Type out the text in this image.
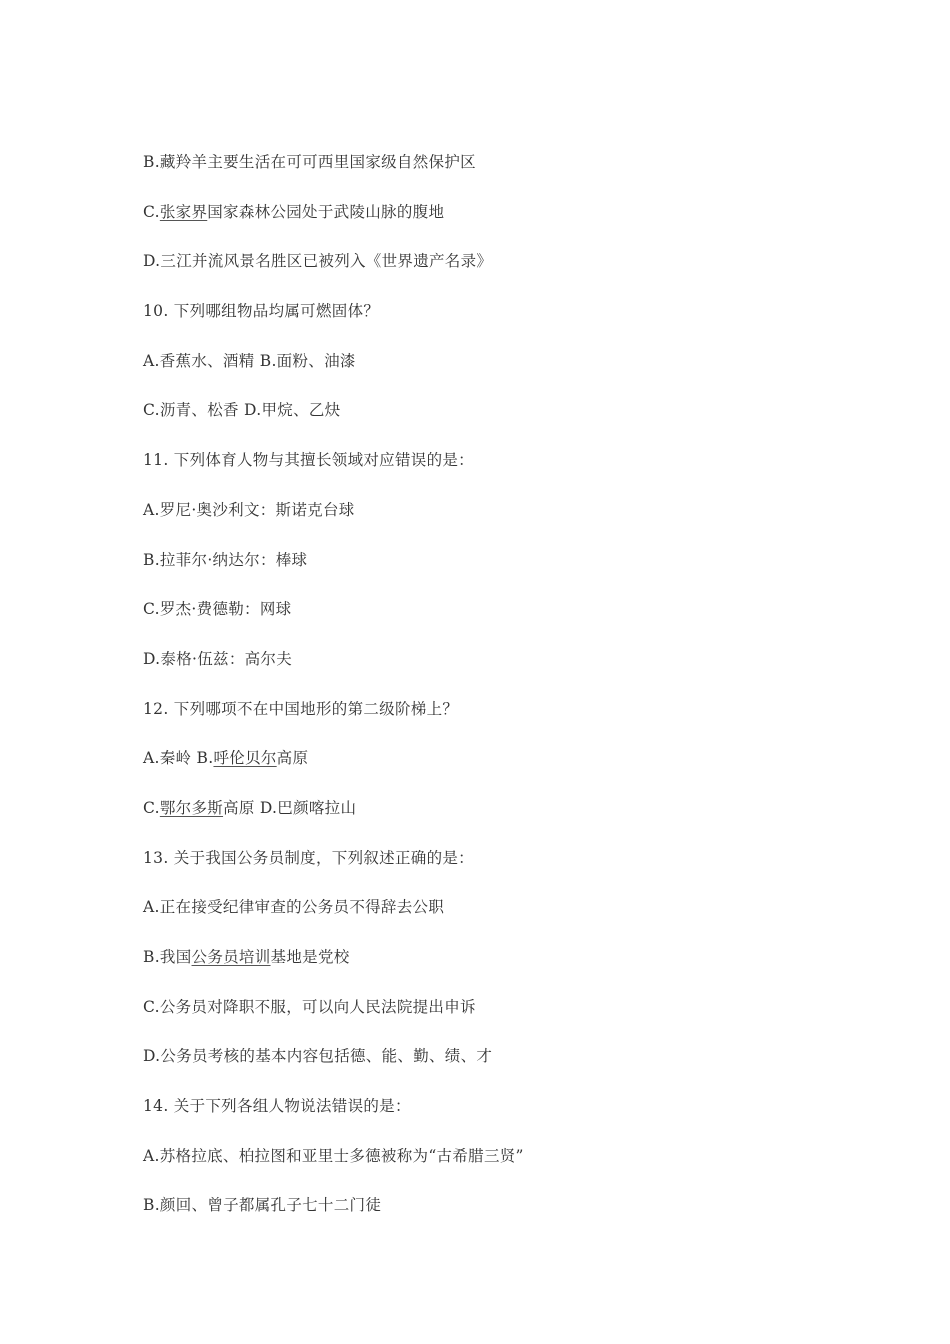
B.藏羚羊主要生活在可可西里国家级自然保护区
C.张家界国家森林公园处于武陵山脉的腹地
D.三江并流风景名胜区已被列入《世界遗产名录》
10. 下列哪组物品均属可燃固体？
A.香蕉水、酒精 B.面粉、油漆
C.沥青、松香 D.甲烷、乙炔
11. 下列体育人物与其擅长领域对应错误的是：
A.罗尼·奥沙利文：斯诺克台球
B.拉菲尔·纳达尔：棒球
C.罗杰·费德勒：网球
D.泰格·伍兹：高尔夫
12. 下列哪项不在中国地形的第二级阶梯上？
A.秦岭 B.呼伦贝尔高原
C.鄂尔多斯高原 D.巴颜喀拉山
13. 关于我国公务员制度，下列叙述正确的是：
A.正在接受纪律审查的公务员不得辞去公职
B.我国公务员培训基地是党校
C.公务员对降职不服，可以向人民法院提出申诉
D.公务员考核的基本内容包括德、能、勤、绩、才
14. 关于下列各组人物说法错误的是：
A.苏格拉底、柏拉图和亚里士多德被称为“古希腊三贤”
B.颜回、曾子都属孔子七十二门徒
